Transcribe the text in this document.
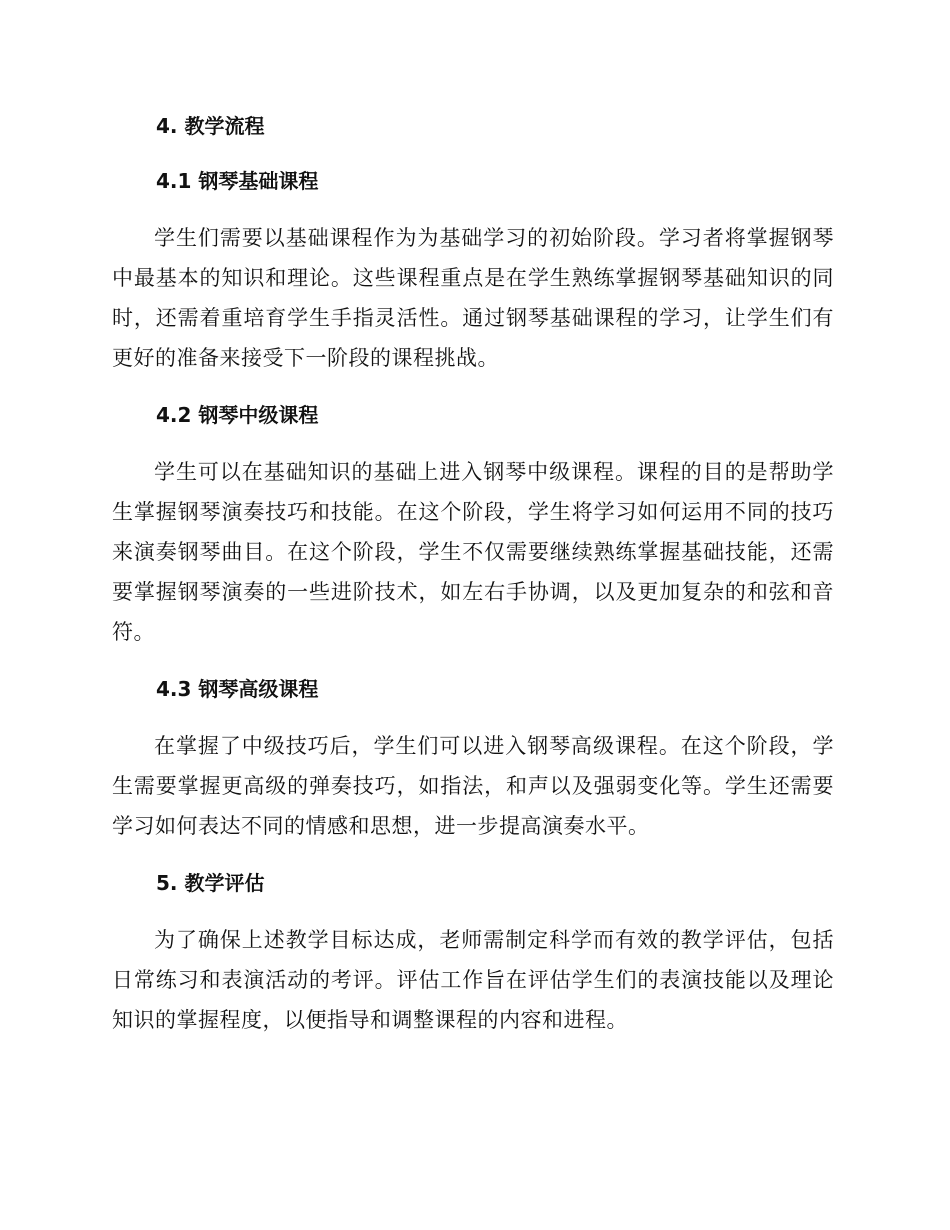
4. 教学流程
4.1 钢琴基础课程

学生们需要以基础课程作为为基础学习的初始阶段。学习者将掌握钢琴中最基本的知识和理论。这些课程重点是在学生熟练掌握钢琴基础知识的同时，还需着重培育学生手指灵活性。通过钢琴基础课程的学习，让学生们有更好的准备来接受下一阶段的课程挑战。

4.2 钢琴中级课程

学生可以在基础知识的基础上进入钢琴中级课程。课程的目的是帮助学生掌握钢琴演奏技巧和技能。在这个阶段，学生将学习如何运用不同的技巧来演奏钢琴曲目。在这个阶段，学生不仅需要继续熟练掌握基础技能，还需要掌握钢琴演奏的一些进阶技术，如左右手协调，以及更加复杂的和弦和音符。

4.3 钢琴高级课程

在掌握了中级技巧后，学生们可以进入钢琴高级课程。在这个阶段，学生需要掌握更高级的弹奏技巧，如指法，和声以及强弱变化等。学生还需要学习如何表达不同的情感和思想，进一步提高演奏水平。

5. 教学评估

为了确保上述教学目标达成，老师需制定科学而有效的教学评估，包括日常练习和表演活动的考评。评估工作旨在评估学生们的表演技能以及理论知识的掌握程度，以便指导和调整课程的内容和进程。
